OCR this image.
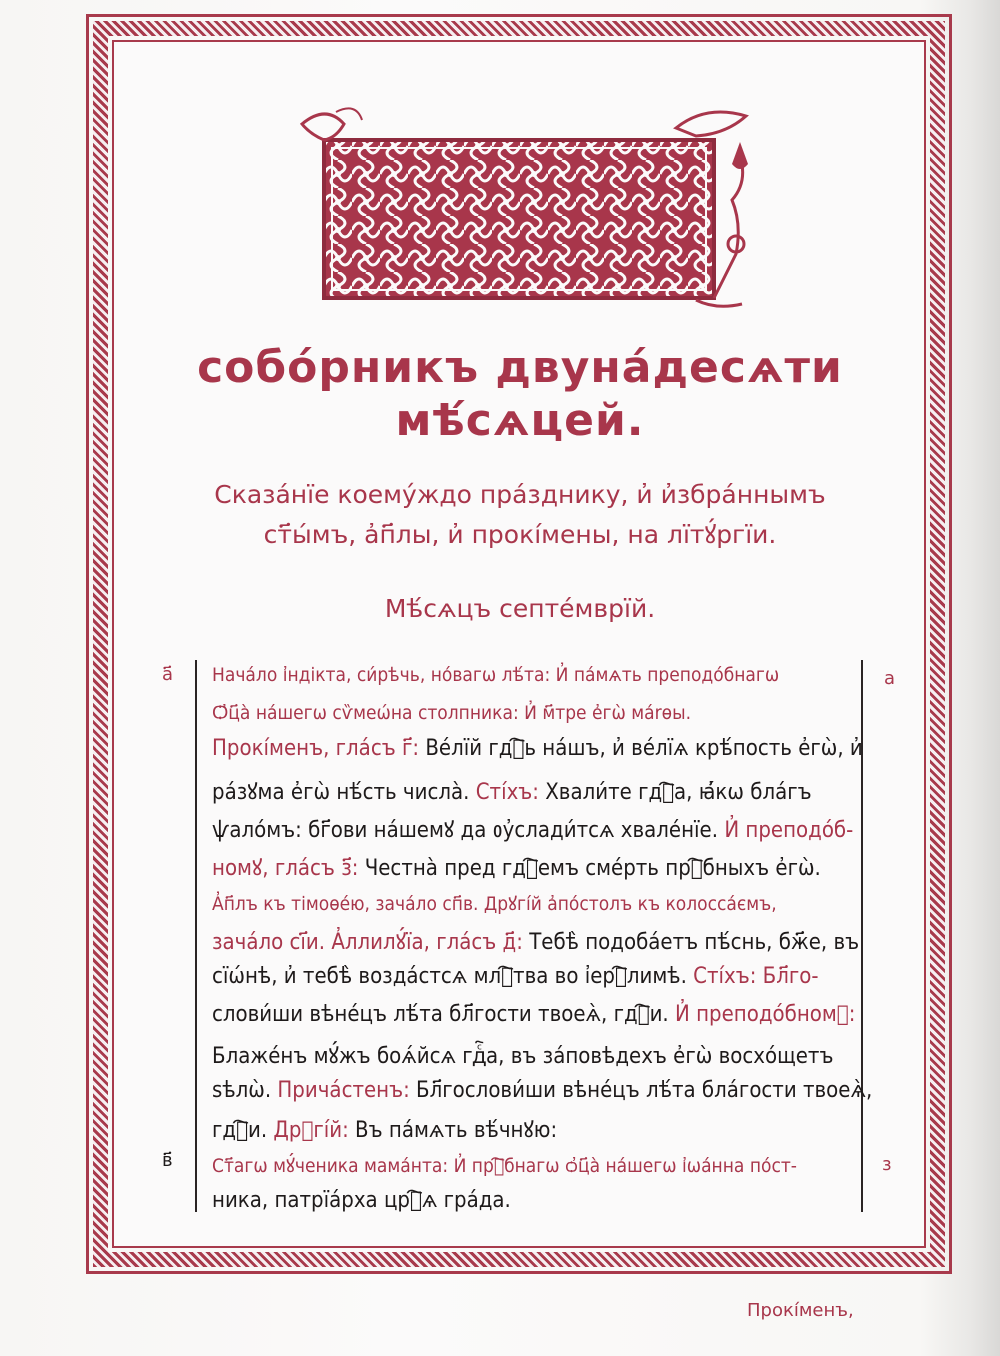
собóрникъ двунáдесѧти
мѣ́сѧцей.
Сказáнїе коемýждо прáзднику, и҆ и҆збрáннымъ
ст҃ы́мъ, а҆п҃лы, и҆ прокíмены, на лїтꙋ́ргїи.
Мѣ́сѧцъ септе́мврїй.
а҃	а
в҃	з
Начáло і҆ндікта, си́рѣчь, нóвагѡ лѣ́та: И҆ пáмѧть преподо́бнагѡ
Ѻ҆ц҃а̀ нáшегѡ сѷмеѡ́на столпника: И҆ м҃тре е҆гѡ̀ мárѳы.
Прокíменъ, глáсъ г҃: Ве́лїй гдⷭ҇ь нáшъ, и҆ ве́лїѧ крѣ́пость е҆гѡ̀, и҆
рáзꙋма е҆гѡ̀ нѣ́сть числà. Сті́хъ: Хвали́те гдⷭ҇а, ꙗ҆́кѡ блáгъ
ѱалóмъ: бг҃ови нáшемꙋ да ᲂу҆слади́тсѧ хвалéнїе. И҆ преподо́б-
номꙋ, глáсъ з҃: Честнà пред гдⷭ҇емъ смéрть прⷭ҇бныхъ е҆гѡ̀.
А҆п҃лъ къ тімоѳе́ю, зачáло сп҃в. Дрꙋгі́й а҆пóстолъ къ колосса́ємъ,
зачáло сі҃и. А҆ллилꙋ́їа, глáсъ д҃: Тебѣ̀ подобáетъ пѣ́снь, бж҃е, въ
сїѡ́нѣ, и҆ тебѣ̀ воздáстсѧ млⷭ҇тва во і҆ерⷭ҇лимѣ. Стíхъ: Бл҃го-
слови́ши вѣнéцъ лѣ́та бл҃гости твоеѧ̀, гдⷭ҇и. И҆ преподо́бномꙋ:
Блажéнъ мꙋ́жъ боѧ́йсѧ гдⷭ҇а, въ зáповѣдехъ е҆гѡ̀ восхóщетъ
ѕѣлѡ̀. Прича́стенъ: Бл҃гослови́ши вѣнéцъ лѣ́та блáгости твоеѧ̀,
гдⷭ҇и. Дрꙋгі́й: Въ пáмѧть вѣ́чнꙋю:
Ст҃агѡ мꙋ́ченика мамáнта: И҆ прⷭ҇бнагѡ ѻ҆ц҃а̀ нáшегѡ і҆ѡáнна пóст-
ника, патрїáрха црⷭ҇ѧ грáда.
Прокíменъ,
